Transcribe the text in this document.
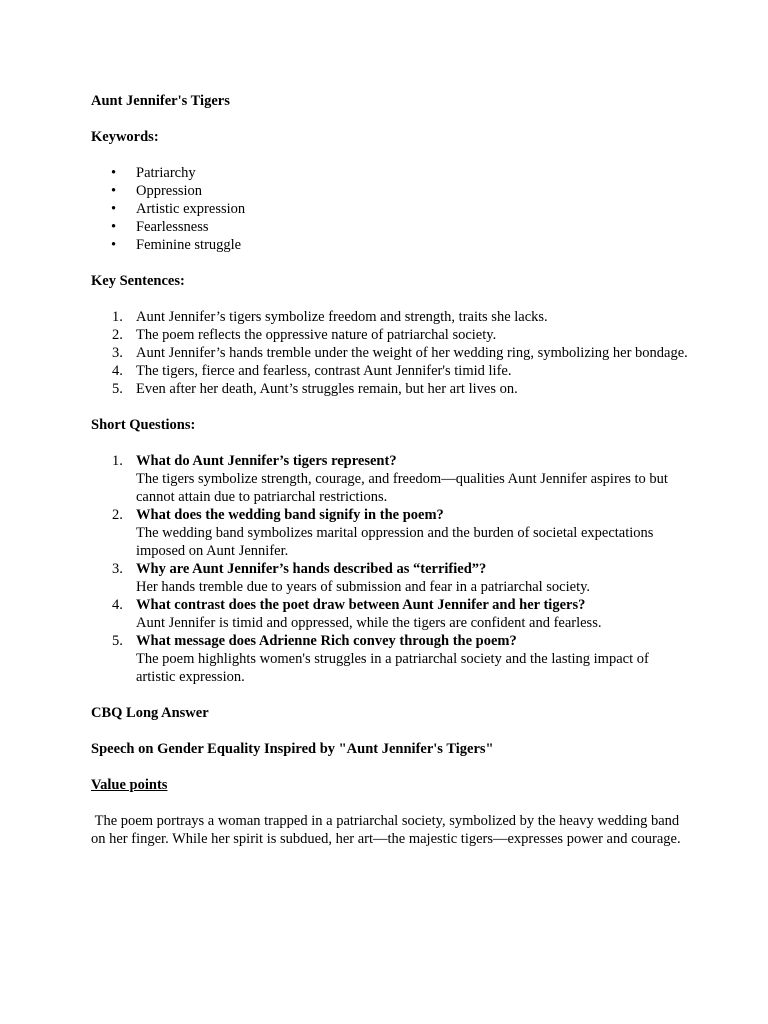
Aunt Jennifer's Tigers

Keywords:

• Patriarchy
• Oppression
• Artistic expression
• Fearlessness
• Feminine struggle

Key Sentences:

1. Aunt Jennifer’s tigers symbolize freedom and strength, traits she lacks.
2. The poem reflects the oppressive nature of patriarchal society.
3. Aunt Jennifer’s hands tremble under the weight of her wedding ring, symbolizing her bondage.
4. The tigers, fierce and fearless, contrast Aunt Jennifer's timid life.
5. Even after her death, Aunt’s struggles remain, but her art lives on.

Short Questions:

1. What do Aunt Jennifer’s tigers represent?
The tigers symbolize strength, courage, and freedom—qualities Aunt Jennifer aspires to but cannot attain due to patriarchal restrictions.
2. What does the wedding band signify in the poem?
The wedding band symbolizes marital oppression and the burden of societal expectations imposed on Aunt Jennifer.
3. Why are Aunt Jennifer’s hands described as “terrified”?
Her hands tremble due to years of submission and fear in a patriarchal society.
4. What contrast does the poet draw between Aunt Jennifer and her tigers?
Aunt Jennifer is timid and oppressed, while the tigers are confident and fearless.
5. What message does Adrienne Rich convey through the poem?
The poem highlights women's struggles in a patriarchal society and the lasting impact of artistic expression.

CBQ Long Answer

Speech on Gender Equality Inspired by "Aunt Jennifer's Tigers"

Value points

The poem portrays a woman trapped in a patriarchal society, symbolized by the heavy wedding band on her finger. While her spirit is subdued, her art—the majestic tigers—expresses power and courage.
